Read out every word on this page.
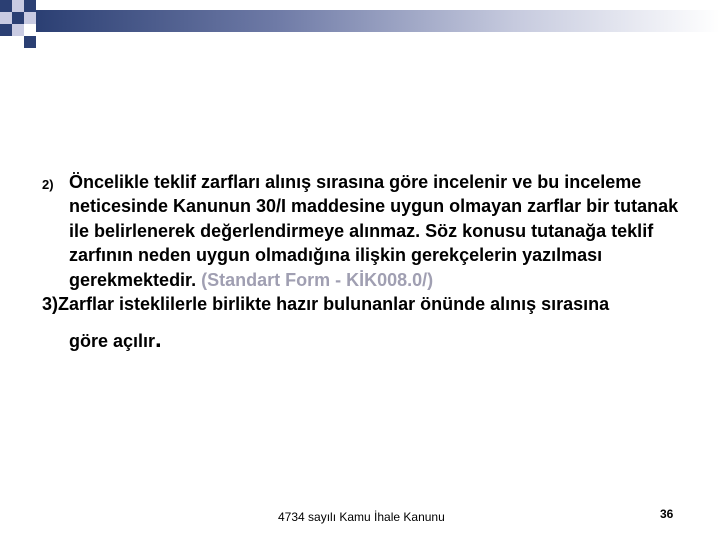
2) Öncelikle teklif zarfları alınış sırasına göre incelenir ve bu inceleme neticesinde Kanunun 30/I maddesine uygun olmayan zarflar bir tutanak ile belirlenerek değerlendirmeye alınmaz. Söz konusu tutanağa teklif zarfının neden uygun olmadığına ilişkin gerekçelerin yazılması gerekmektedir. (Standart Form - KİK008.0/)
3)Zarflar isteklilerle birlikte hazır bulunanlar önünde alınış sırasına
göre açılır.
4734 sayılı Kamu İhale Kanunu	36
